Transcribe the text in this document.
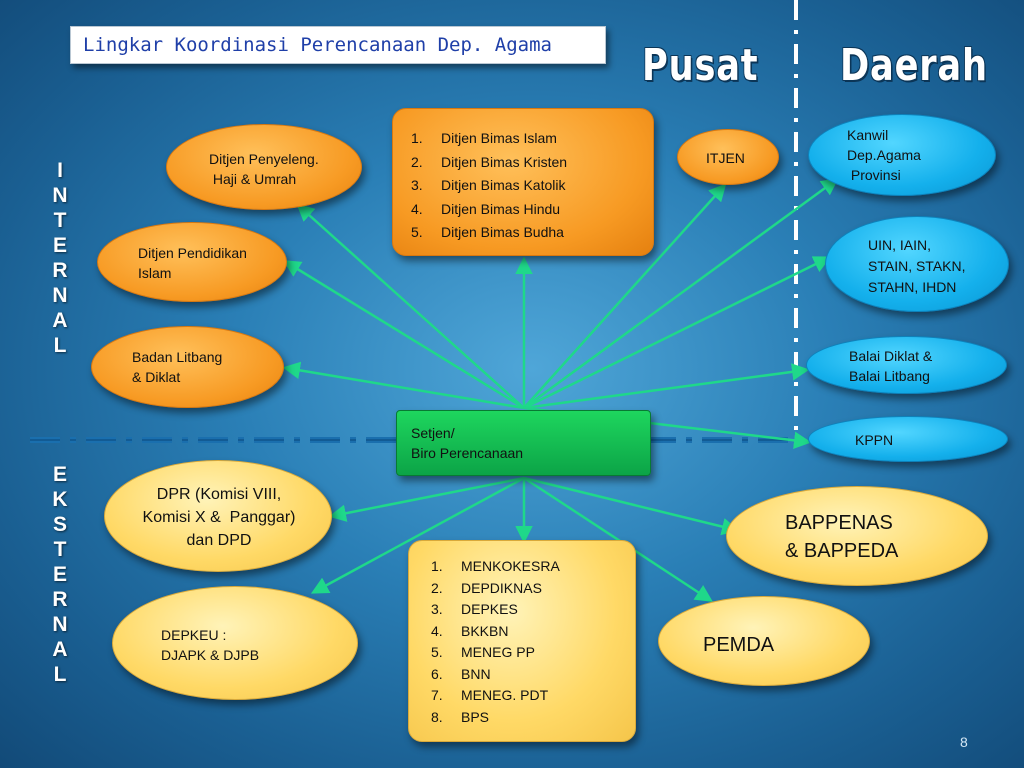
Lingkar Koordinasi Perencanaan Dep. Agama	Pusat Daerah
I
N
T
E
R
N
A
L
E
K
S
T
E
R
N
A
L
Ditjen Penyeleng.
Haji & Umrah
Ditjen Pendidikan
Islam
Badan Litbang
& Diklat
1.	Ditjen Bimas Islam
2.	Ditjen Bimas Kristen
3.	Ditjen Bimas Katolik
4.	Ditjen Bimas Hindu
5.	Ditjen Bimas Budha
ITJEN
Kanwil
Dep.Agama
Provinsi
UIN, IAIN,
STAIN, STAKN,
STAHN, IHDN
Balai Diklat &
Balai Litbang
KPPN
Setjen/
Biro Perencanaan
DPR (Komisi VIII,
Komisi X &  Panggar)
dan DPD
DEPKEU :
DJAPK & DJPB
1.	MENKOKESRA
2.	DEPDIKNAS
3.	DEPKES
4.	BKKBN
5.	MENEG PP
6.	BNN
7.	MENEG. PDT
8.	BPS
BAPPENAS
& BAPPEDA
PEMDA
8
